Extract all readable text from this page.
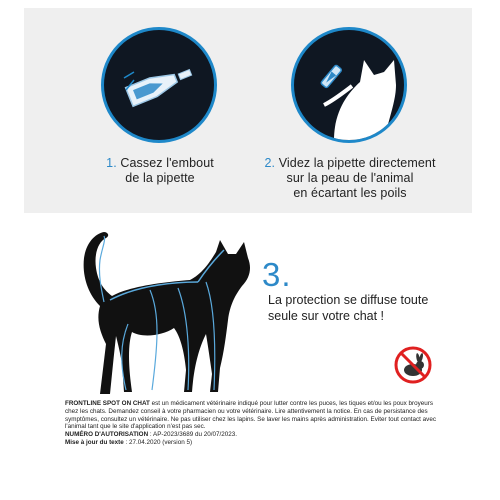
1. Cassez l'embout
de la pipette
2. Videz la pipette directement
sur la peau de l'animal
en écartant les poils
3.
La protection se diffuse toute
seule sur votre chat !

FRONTLINE SPOT ON CHAT est un médicament vétérinaire indiqué pour lutter contre les puces, les tiques et/ou les poux broyeurs chez les chats. Demandez conseil à votre pharmacien ou votre vétérinaire. Lire attentivement la notice. En cas de persistance des symptômes, consultez un vétérinaire. Ne pas utiliser chez les lapins. Se laver les mains après administration. Eviter tout contact avec l'animal tant que le site d'application n'est pas sec.

NUMÉRO D'AUTORISATION : AP-2023/3689 du 20/07/2023.

Mise à jour du texte : 27.04.2020 (version 5)
